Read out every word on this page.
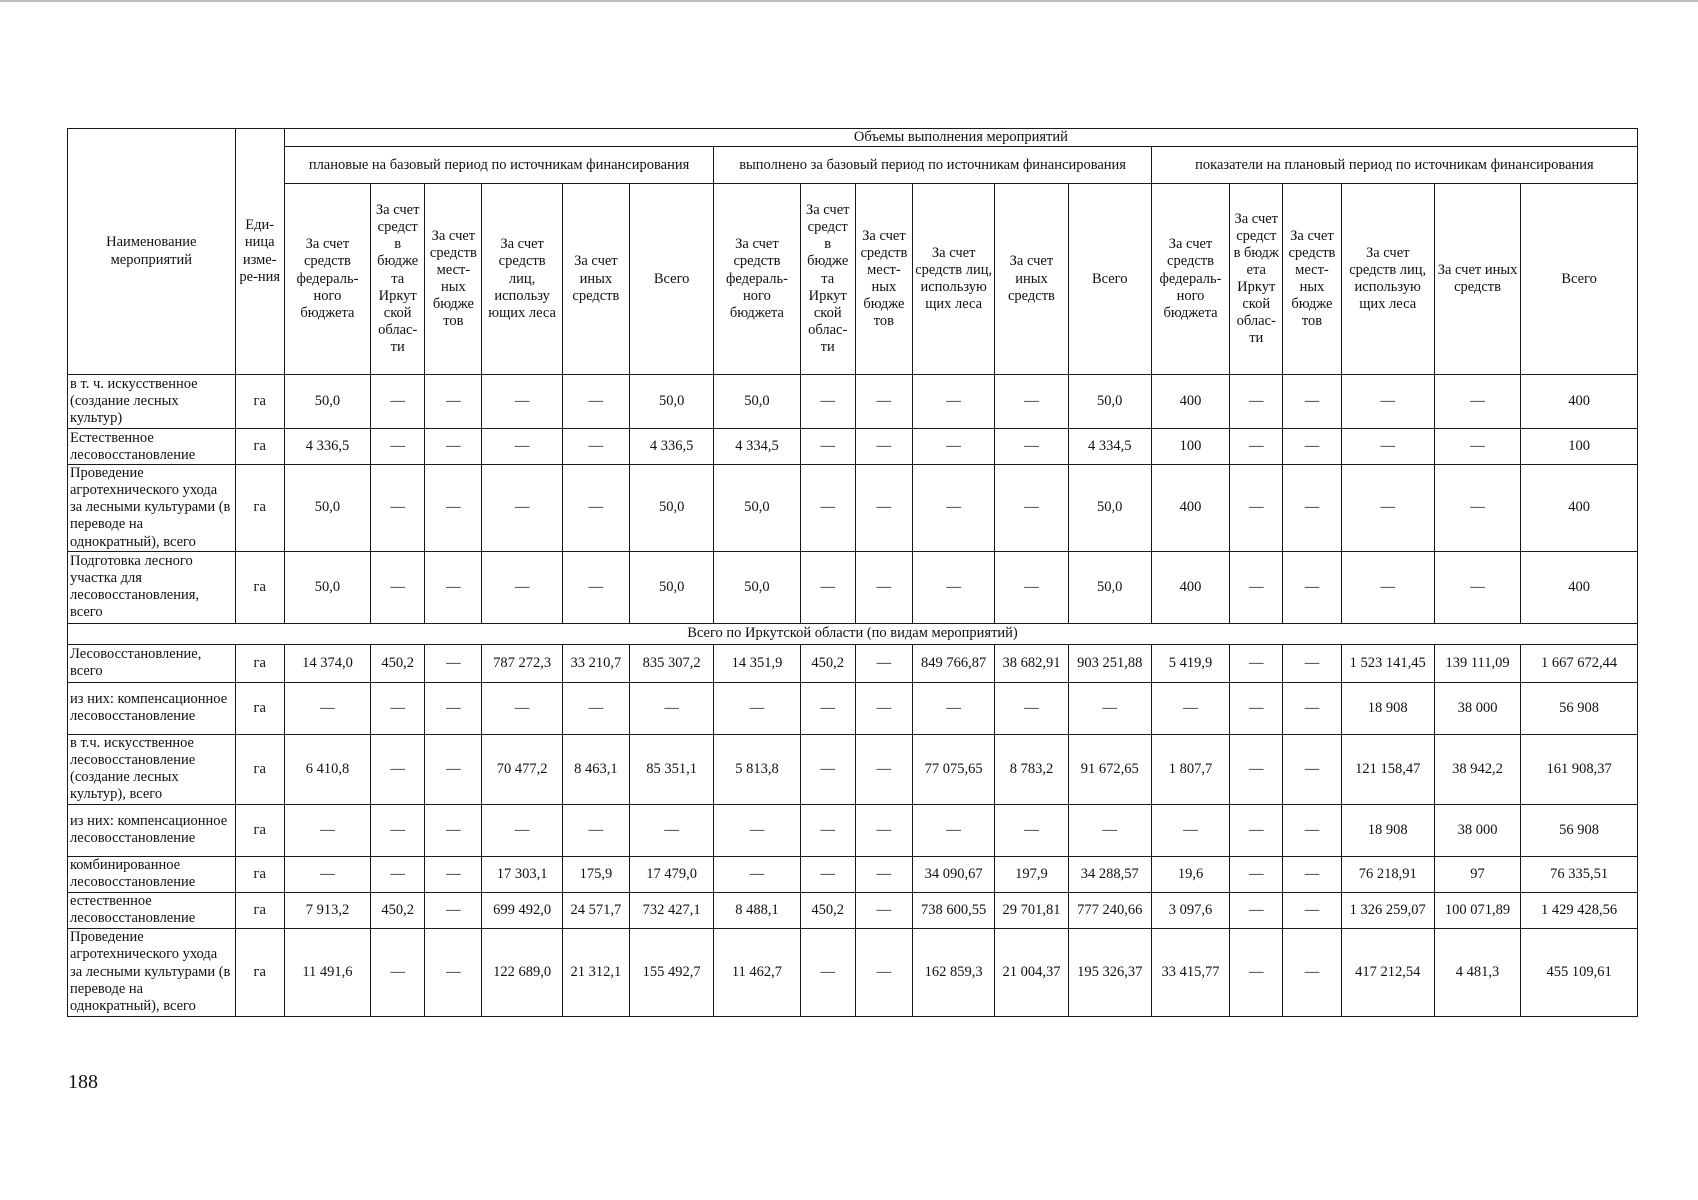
Наименование мероприятий	Еди-ница изме-ре-ния	Объемы выполнения мероприятий																	
		плановые на базовый период по источникам финансирования						выполнено за базовый период по источникам финансирования						показатели на плановый период по источникам финансирования					
		За счет средств федераль-ного бюджета	За счет средст в бюдже та Иркут ской облас-ти	За счет средств мест-ных бюдже тов	За счет средств лиц, использу ющих леса	За счет иных средств	Всего	За счет средств федераль-ного бюджета	За счет средст в бюдже та Иркут ской облас-ти	За счет средств мест-ных бюдже тов	За счет средств лиц, использую щих леса	За счет иных средств	Всего	За счет средств федераль-ного бюджета	За счет средст в бюдж ета Иркут ской облас-ти	За счет средств мест-ных бюдже тов	За счет средств лиц, использую щих леса	За счет иных средств	Всего
в т. ч. искусственное (создание лесных культур)	га	50,0	—	—	—	—	50,0	50,0	—	—	—	—	50,0	400	—	—	—	—	400
Естественное лесовосстановление	га	4 336,5	—	—	—	—	4 336,5	4 334,5	—	—	—	—	4 334,5	100	—	—	—	—	100
Проведение агротехнического ухода за лесными культурами (в переводе на однократный), всего	га	50,0	—	—	—	—	50,0	50,0	—	—	—	—	50,0	400	—	—	—	—	400
Подготовка лесного участка для лесовосстановления, всего	га	50,0	—	—	—	—	50,0	50,0	—	—	—	—	50,0	400	—	—	—	—	400
Всего по Иркутской области (по видам мероприятий)																			
Лесовосстановление, всего	га	14 374,0	450,2	—	787 272,3	33 210,7	835 307,2	14 351,9	450,2	—	849 766,87	38 682,91	903 251,88	5 419,9	—	—	1 523 141,45	139 111,09	1 667 672,44
из них: компенсационное лесовосстановление	га	—	—	—	—	—	—	—	—	—	—	—	—	—	—	—	18 908	38 000	56 908
в т.ч. искусственное лесовосстановление (создание лесных культур), всего	га	6 410,8	—	—	70 477,2	8 463,1	85 351,1	5 813,8	—	—	77 075,65	8 783,2	91 672,65	1 807,7	—	—	121 158,47	38 942,2	161 908,37
из них: компенсационное лесовосстановление	га	—	—	—	—	—	—	—	—	—	—	—	—	—	—	—	18 908	38 000	56 908
комбинированное лесовосстановление	га	—	—	—	17 303,1	175,9	17 479,0	—	—	—	34 090,67	197,9	34 288,57	19,6	—	—	76 218,91	97	76 335,51
естественное лесовосстановление	га	7 913,2	450,2	—	699 492,0	24 571,7	732 427,1	8 488,1	450,2	—	738 600,55	29 701,81	777 240,66	3 097,6	—	—	1 326 259,07	100 071,89	1 429 428,56
Проведение агротехнического ухода за лесными культурами (в переводе на однократный), всего	га	11 491,6	—	—	122 689,0	21 312,1	155 492,7	11 462,7	—	—	162 859,3	21 004,37	195 326,37	33 415,77	—	—	417 212,54	4 481,3	455 109,61
188
